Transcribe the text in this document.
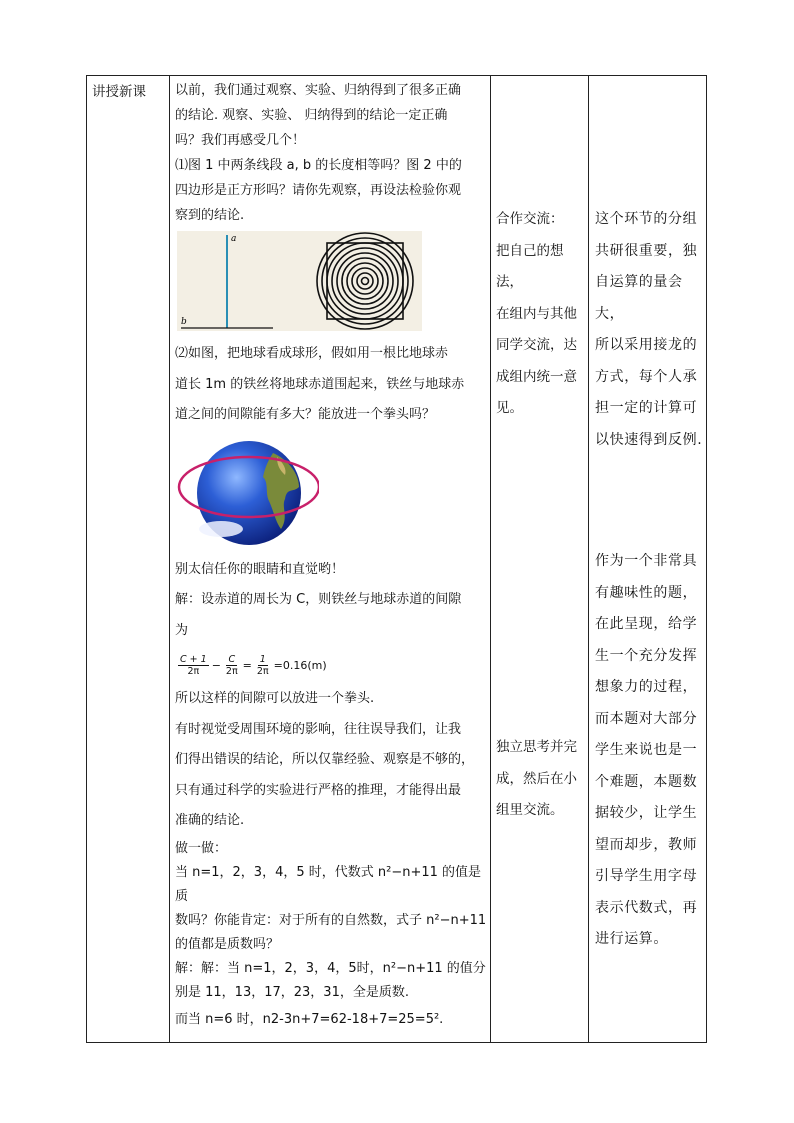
讲授新课 以前，我们通过观察、实验、归纳得到了很多正确
的结论. 观察、实验、 归纳得到的结论一定正确
吗？我们再感受几个！

⑴图 1 中两条线段 a, b 的长度相等吗？图 2 中的
四边形是正方形吗？请你先观察，再设法检验你观
察到的结论.

a
b

⑵如图，把地球看成球形，假如用一根比地球赤
道长 1m 的铁丝将地球赤道围起来，铁丝与地球赤
道之间的间隙能有多大？能放进一个拳头吗？

别太信任你的眼睛和直觉哟！

解：设赤道的周长为 C，则铁丝与地球赤道的间隙
为

$\frac{C + 1}{2\pi} - \frac{C}{2\pi} = \frac{1}{2\pi} =0.16(m)$

所以这样的间隙可以放进一个拳头.

有时视觉受周围环境的影响，往往误导我们，让我
们得出错误的结论，所以仅靠经验、观察是不够的，
只有通过科学的实验进行严格的推理，才能得出最
准确的结论.

做一做：

当 n=1，2，3，4，5 时，代数式 n²−n+11 的值是质
数吗？你能肯定：对于所有的自然数，式子 n²−n+11
的值都是质数吗？

解：解：当 n=1，2，3，4，5时，n²−n+11 的值分
别是 11，13，17，23，31，全是质数.

而当 n=6 时，n2-3n+7=62-18+7=25=5².

合作交流：
把自己的想法，
在组内与其他
同学交流，达
成组内统一意
见。
独立思考并完
成，然后在小
组里交流。
这个环节的分组
共研很重要，独
自运算的量会大，
所以采用接龙的
方式，每个人承
担一定的计算可
以快速得到反例.
作为一个非常具
有趣味性的题，
在此呈现，给学
生一个充分发挥
想象力的过程，
而本题对大部分
学生来说也是一
个难题，本题数
据较少，让学生
望而却步，教师
引导学生用字母
表示代数式，再
进行运算。
